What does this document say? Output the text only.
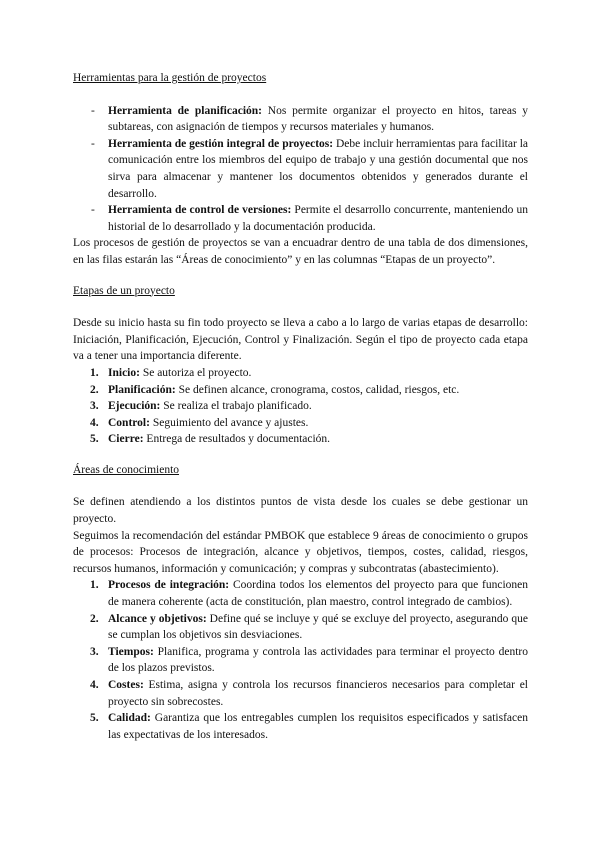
Herramientas para la gestión de proyectos
- Herramienta de planificación: Nos permite organizar el proyecto en hitos, tareas y subtareas, con asignación de tiempos y recursos materiales y humanos.
- Herramienta de gestión integral de proyectos: Debe incluir herramientas para facilitar la comunicación entre los miembros del equipo de trabajo y una gestión documental que nos sirva para almacenar y mantener los documentos obtenidos y generados durante el desarrollo.
- Herramienta de control de versiones: Permite el desarrollo concurrente, manteniendo un historial de lo desarrollado y la documentación producida.

Los procesos de gestión de proyectos se van a encuadrar dentro de una tabla de dos dimensiones, en las filas estarán las “Áreas de conocimiento” y en las columnas “Etapas de un proyecto”.

Etapas de un proyecto

Desde su inicio hasta su fin todo proyecto se lleva a cabo a lo largo de varias etapas de desarrollo: Iniciación, Planificación, Ejecución, Control y Finalización. Según el tipo de proyecto cada etapa va a tener una importancia diferente.

1. Inicio: Se autoriza el proyecto.
2. Planificación: Se definen alcance, cronograma, costos, calidad, riesgos, etc.
3. Ejecución: Se realiza el trabajo planificado.
4. Control: Seguimiento del avance y ajustes.
5. Cierre: Entrega de resultados y documentación.
Áreas de conocimiento

Se definen atendiendo a los distintos puntos de vista desde los cuales se debe gestionar un proyecto.

Seguimos la recomendación del estándar PMBOK que establece 9 áreas de conocimiento o grupos de procesos: Procesos de integración, alcance y objetivos, tiempos, costes, calidad, riesgos, recursos humanos, información y comunicación; y compras y subcontratas (abastecimiento).

1. Procesos de integración: Coordina todos los elementos del proyecto para que funcionen de manera coherente (acta de constitución, plan maestro, control integrado de cambios).
2. Alcance y objetivos: Define qué se incluye y qué se excluye del proyecto, asegurando que se cumplan los objetivos sin desviaciones.
3. Tiempos: Planifica, programa y controla las actividades para terminar el proyecto dentro de los plazos previstos.
4. Costes: Estima, asigna y controla los recursos financieros necesarios para completar el proyecto sin sobrecostes.
5. Calidad: Garantiza que los entregables cumplen los requisitos especificados y satisfacen las expectativas de los interesados.
